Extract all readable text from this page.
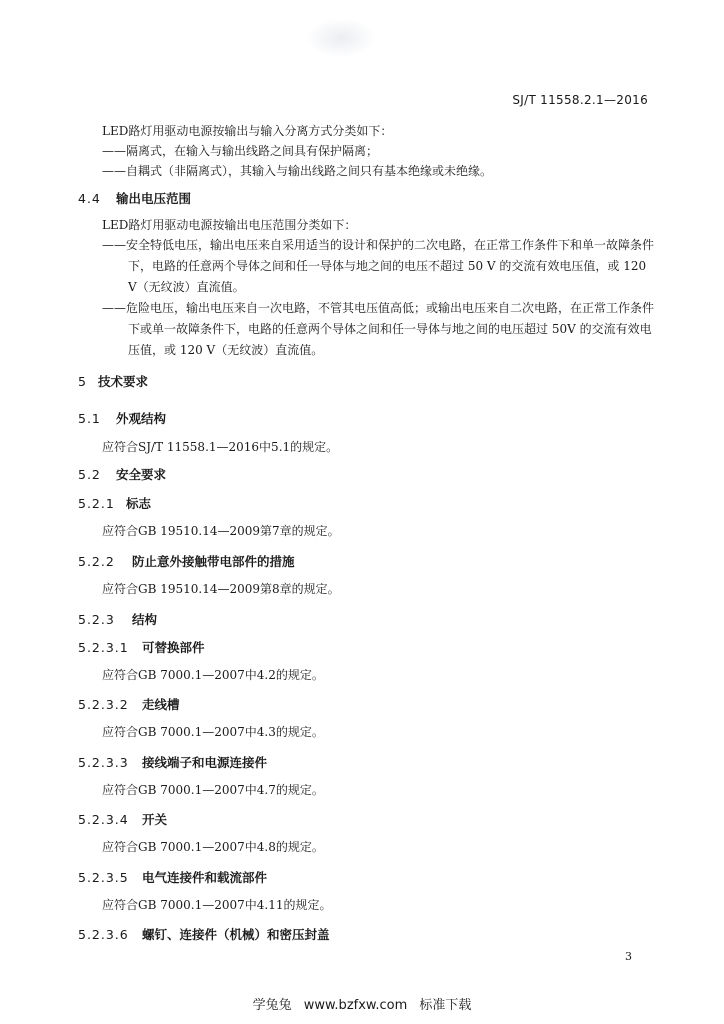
SJ/T 11558.2.1—2016
LED路灯用驱动电源按输出与输入分离方式分类如下：
——隔离式，在输入与输出线路之间具有保护隔离；
——自耦式（非隔离式），其输入与输出线路之间只有基本绝缘或未绝缘。
4.4 输出电压范围
LED路灯用驱动电源按输出电压范围分类如下：
——安全特低电压，输出电压来自采用适当的设计和保护的二次电路，在正常工作条件下和单一故障条件下，电路的任意两个导体之间和任一导体与地之间的电压不超过 50 V 的交流有效电压值，或 120 V（无纹波）直流值。
——危险电压，输出电压来自一次电路，不管其电压值高低；或输出电压来自二次电路，在正常工作条件下或单一故障条件下，电路的任意两个导体之间和任一导体与地之间的电压超过 50V 的交流有效电压值，或 120 V（无纹波）直流值。
5 技术要求
5.1 外观结构
应符合SJ/T 11558.1—2016中5.1的规定。
5.2 安全要求
5.2.1 标志
应符合GB 19510.14—2009第7章的规定。
5.2.2 防止意外接触带电部件的措施
应符合GB 19510.14—2009第8章的规定。
5.2.3 结构
5.2.3.1 可替换部件
应符合GB 7000.1—2007中4.2的规定。
5.2.3.2 走线槽
应符合GB 7000.1—2007中4.3的规定。
5.2.3.3 接线端子和电源连接件
应符合GB 7000.1—2007中4.7的规定。
5.2.3.4 开关
应符合GB 7000.1—2007中4.8的规定。
5.2.3.5 电气连接件和载流部件
应符合GB 7000.1—2007中4.11的规定。
5.2.3.6 螺钉、连接件（机械）和密压封盖
3
学兔兔 www.bzfxw.com 标准下载
